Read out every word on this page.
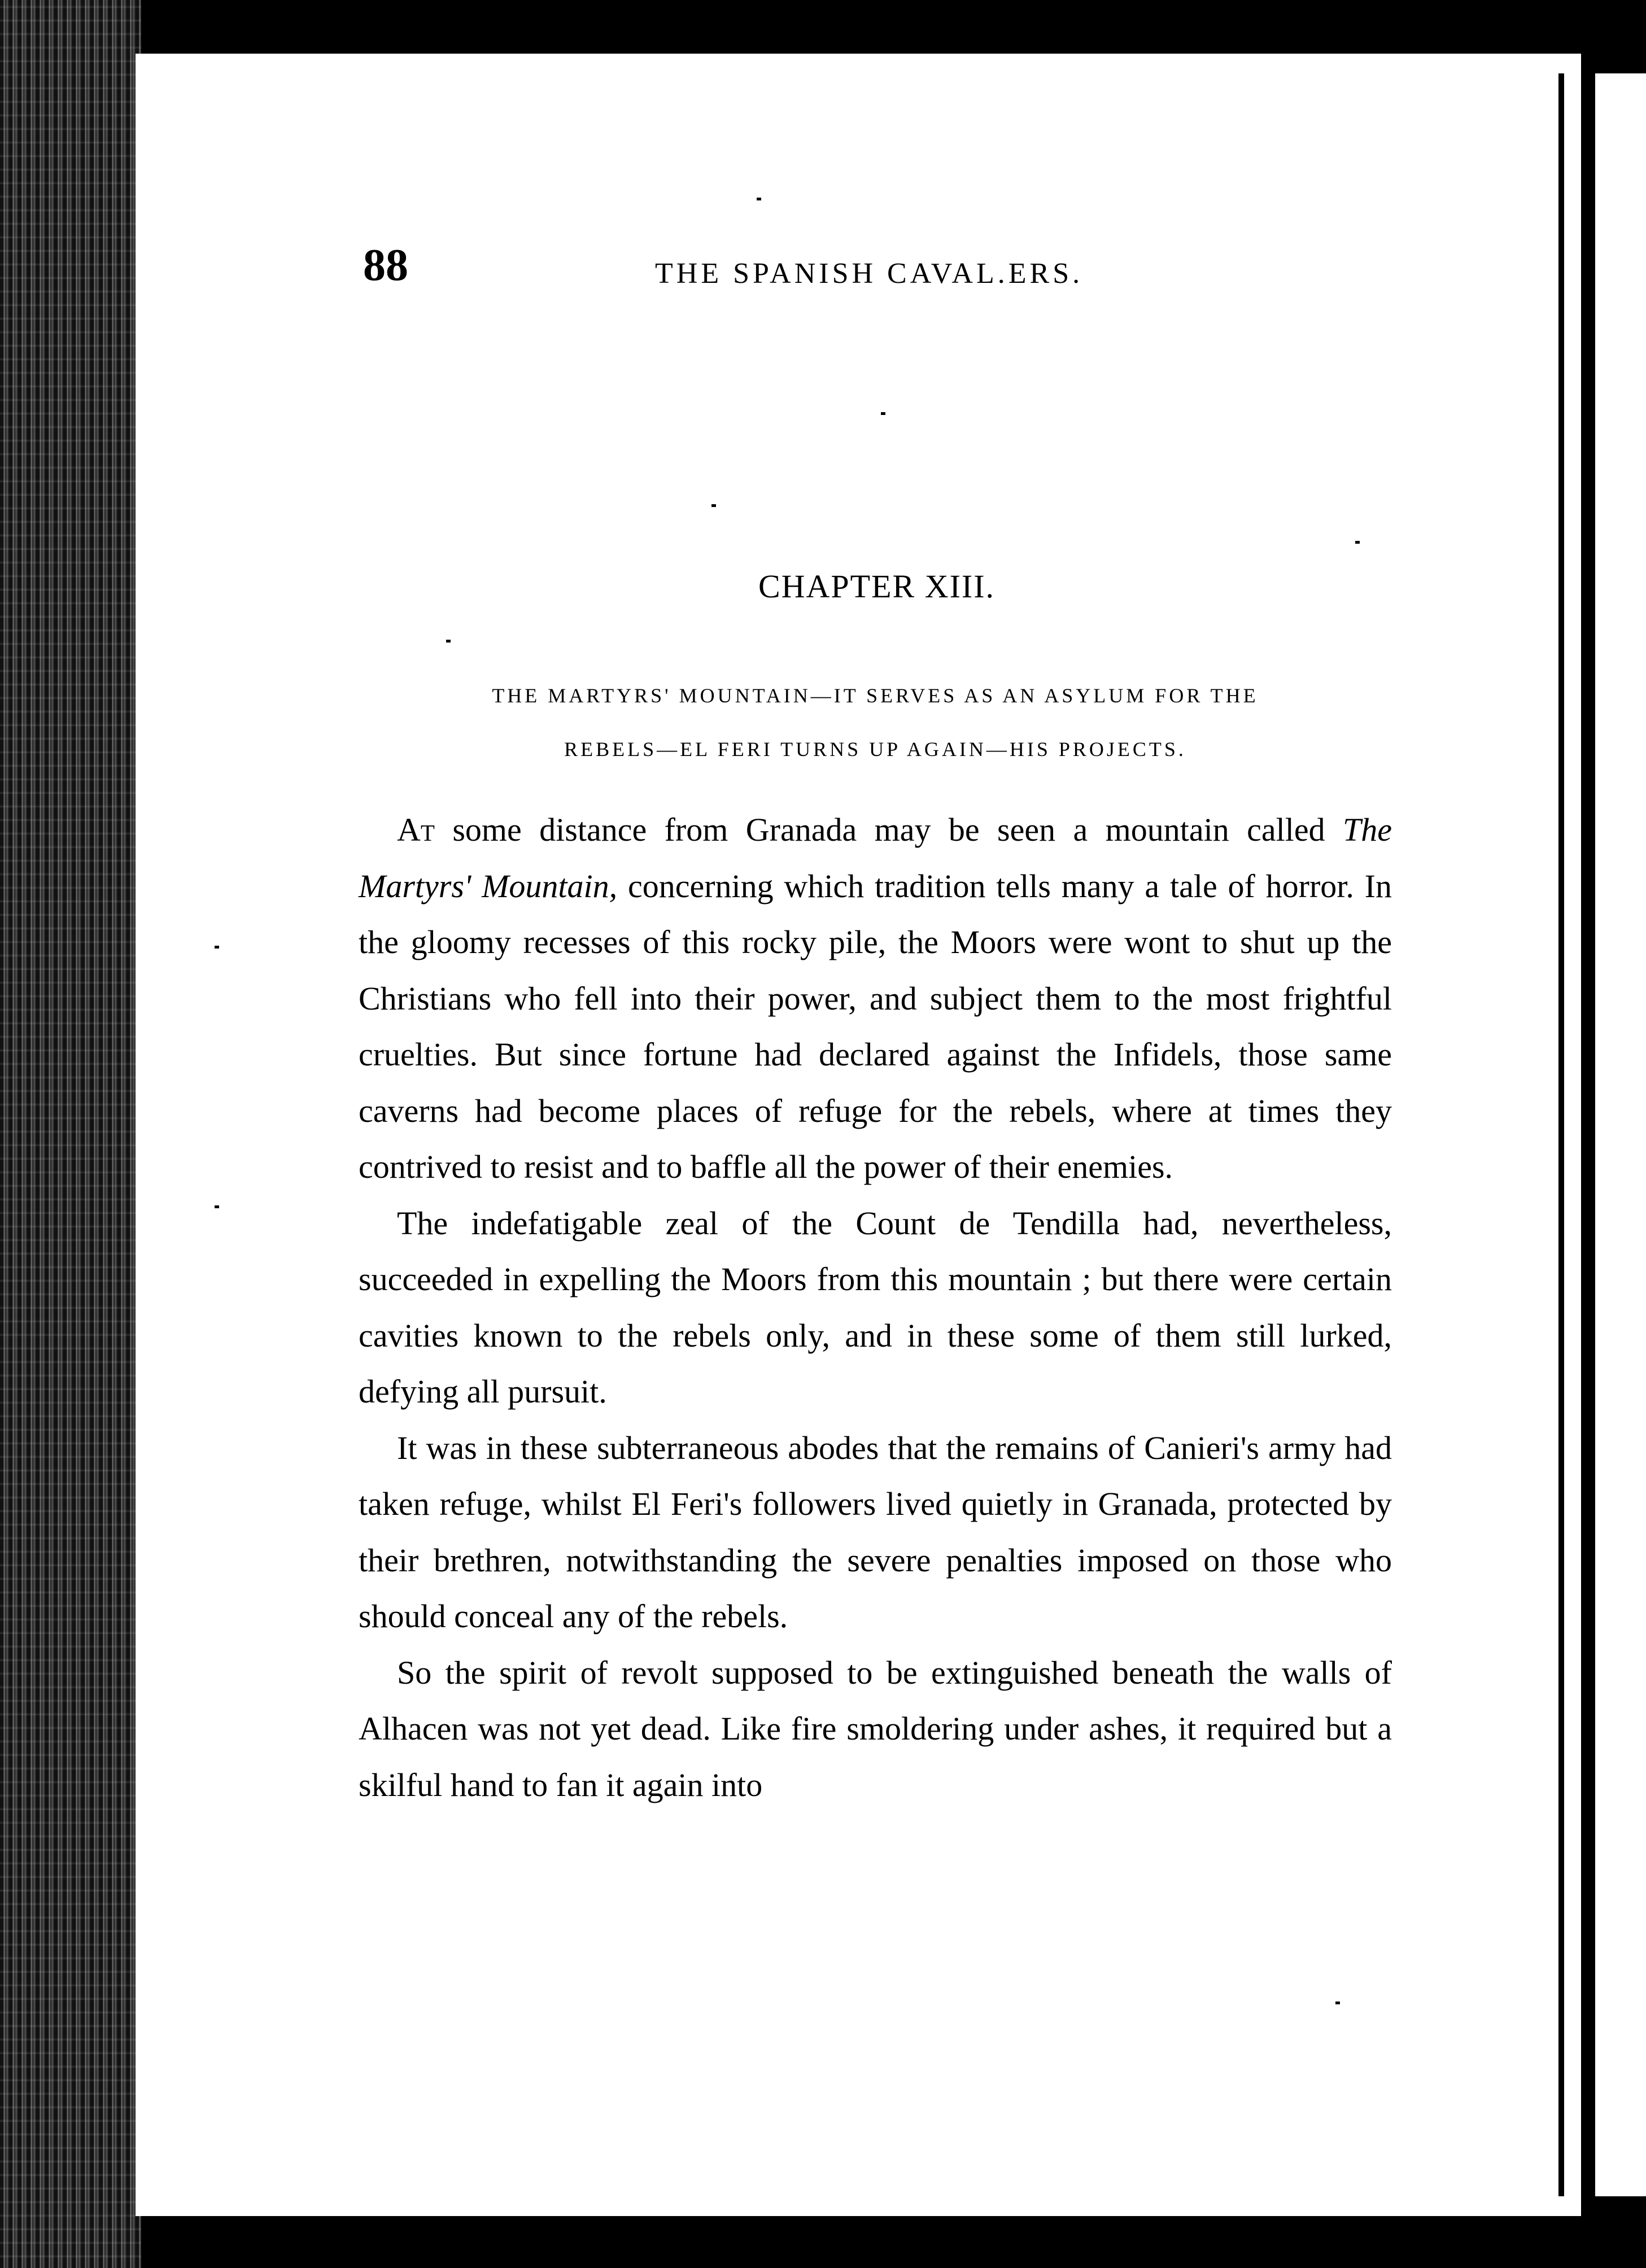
88	THE SPANISH CAVAL.ERS.
CHAPTER XIII.
THE MARTYRS' MOUNTAIN—IT SERVES AS AN ASYLUM FOR THE
REBELS—EL FERI TURNS UP AGAIN—HIS PROJECTS.

At some distance from Granada may be seen a mountain called The Martyrs' Mountain, concerning which tradition tells many a tale of horror. In the gloomy recesses of this rocky pile, the Moors were wont to shut up the Christians who fell into their power, and subject them to the most frightful cruelties. But since fortune had declared against the Infidels, those same caverns had become places of refuge for the rebels, where at times they contrived to resist and to baffle all the power of their enemies.

The indefatigable zeal of the Count de Tendilla had, nevertheless, succeeded in expelling the Moors from this mountain ; but there were certain cavities known to the rebels only, and in these some of them still lurked, defying all pursuit.

It was in these subterraneous abodes that the remains of Canieri's army had taken refuge, whilst El Feri's followers lived quietly in Granada, protected by their brethren, notwithstanding the severe penalties imposed on those who should conceal any of the rebels.

So the spirit of revolt supposed to be extinguished beneath the walls of Alhacen was not yet dead. Like fire smoldering under ashes, it required but a skilful hand to fan it again into
